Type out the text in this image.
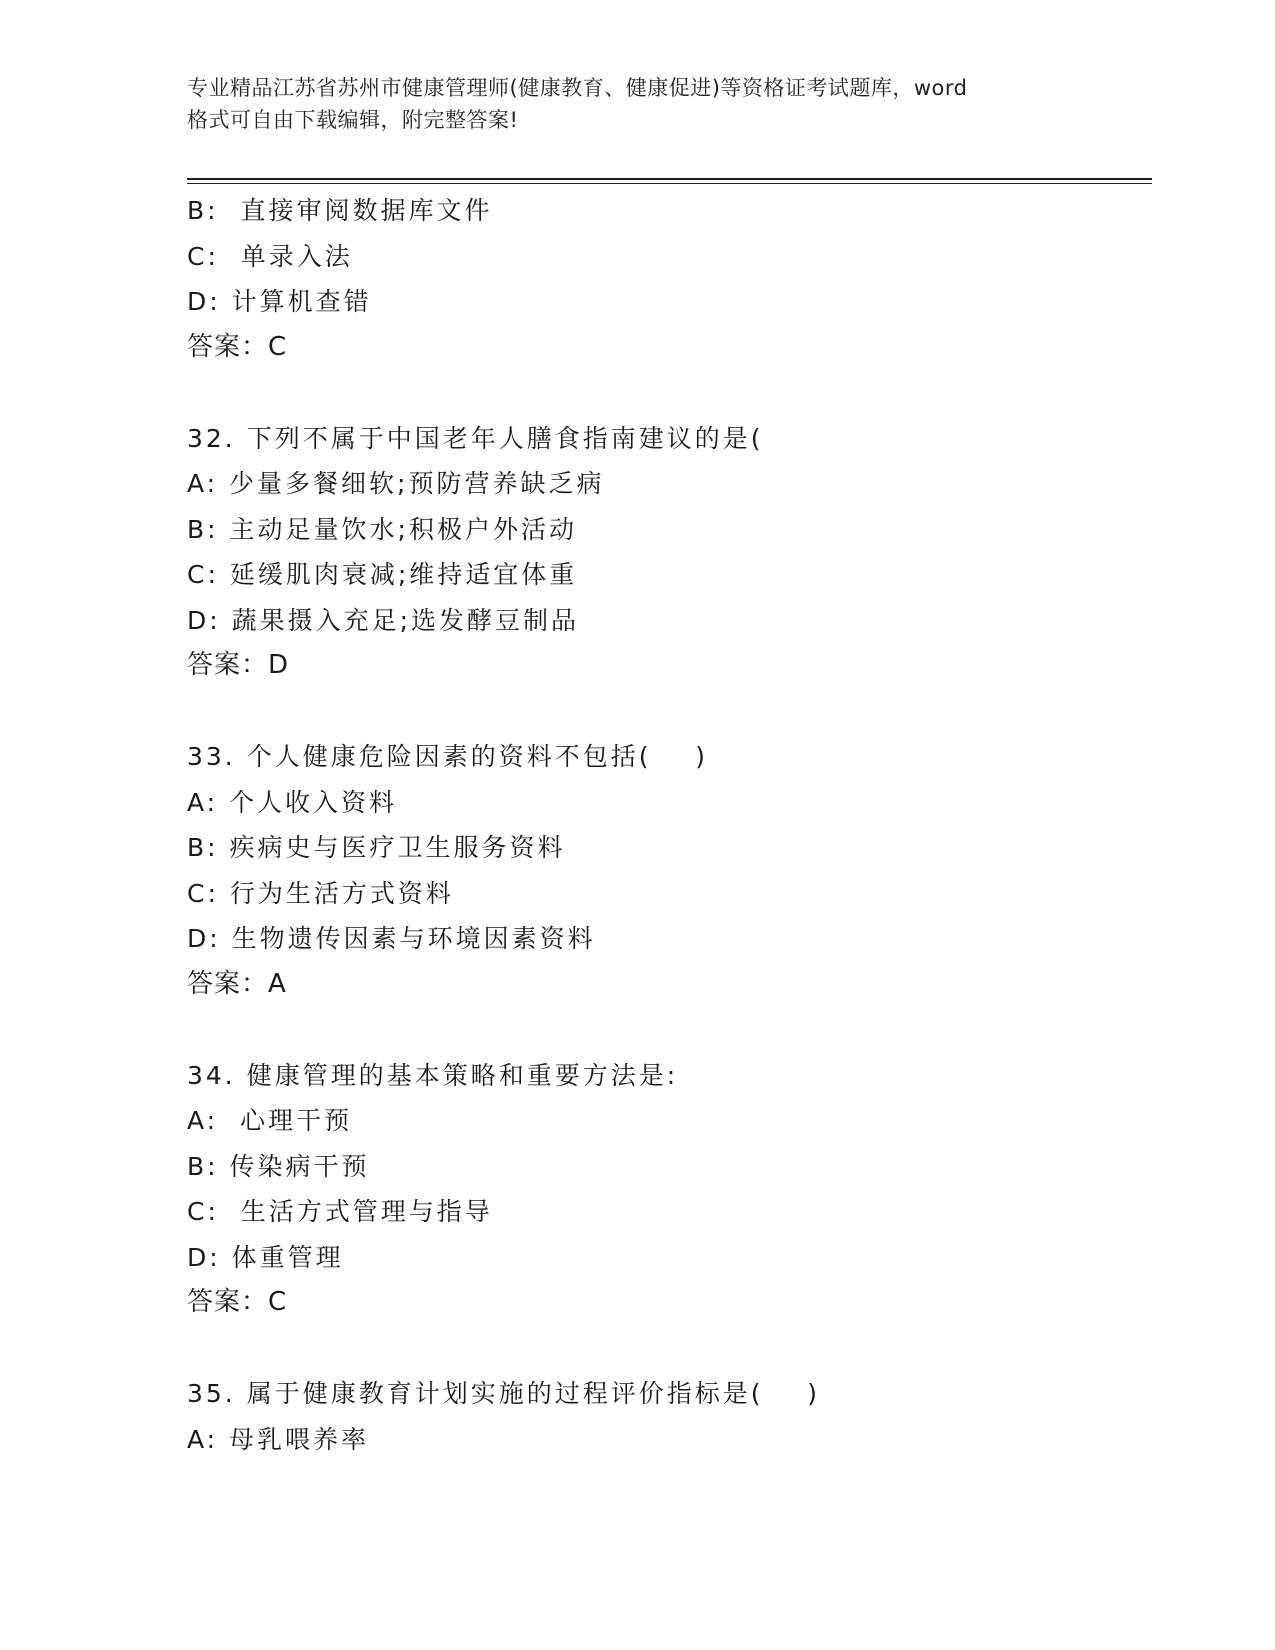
专业精品江苏省苏州市健康管理师(健康教育、健康促进)等资格证考试题库，word
格式可自由下载编辑，附完整答案!
B:  直接审阅数据库文件
C:  单录入法
D: 计算机查错
答案：C
32. 下列不属于中国老年人膳食指南建议的是(
A: 少量多餐细软;预防营养缺乏病
B: 主动足量饮水;积极户外活动
C: 延缓肌肉衰减;维持适宜体重
D: 蔬果摄入充足;选发酵豆制品
答案：D
33. 个人健康危险因素的资料不包括(    )
A: 个人收入资料
B: 疾病史与医疗卫生服务资料
C: 行为生活方式资料
D: 生物遗传因素与环境因素资料
答案：A
34. 健康管理的基本策略和重要方法是:
A:  心理干预
B: 传染病干预
C:  生活方式管理与指导
D: 体重管理
答案：C
35. 属于健康教育计划实施的过程评价指标是(    )
A: 母乳喂养率
